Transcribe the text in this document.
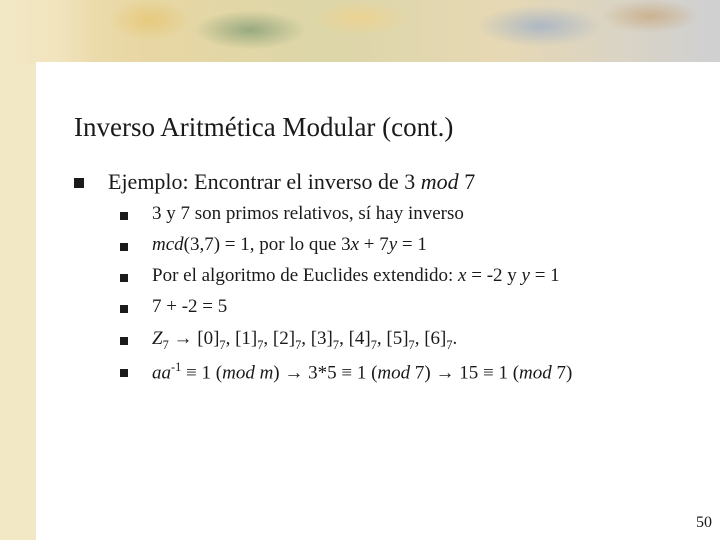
Inverso Aritmética Modular (cont.)
Ejemplo: Encontrar el inverso de 3 mod 7
3 y 7 son primos relativos, sí hay inverso
mcd(3,7) = 1, por lo que 3x + 7y = 1
Por el algoritmo de Euclides extendido: x = -2 y y = 1
7 + -2 = 5
$Z_7 \to [0]_7$, $[1]_7$, $[2]_7$, $[3]_7$, $[4]_7$, $[5]_7$, $[6]_7$.
$aa^{-1} \equiv 1$ (mod m) → 3*5 ≡ 1 (mod 7) → 15 ≡ 1 (mod 7)
50
